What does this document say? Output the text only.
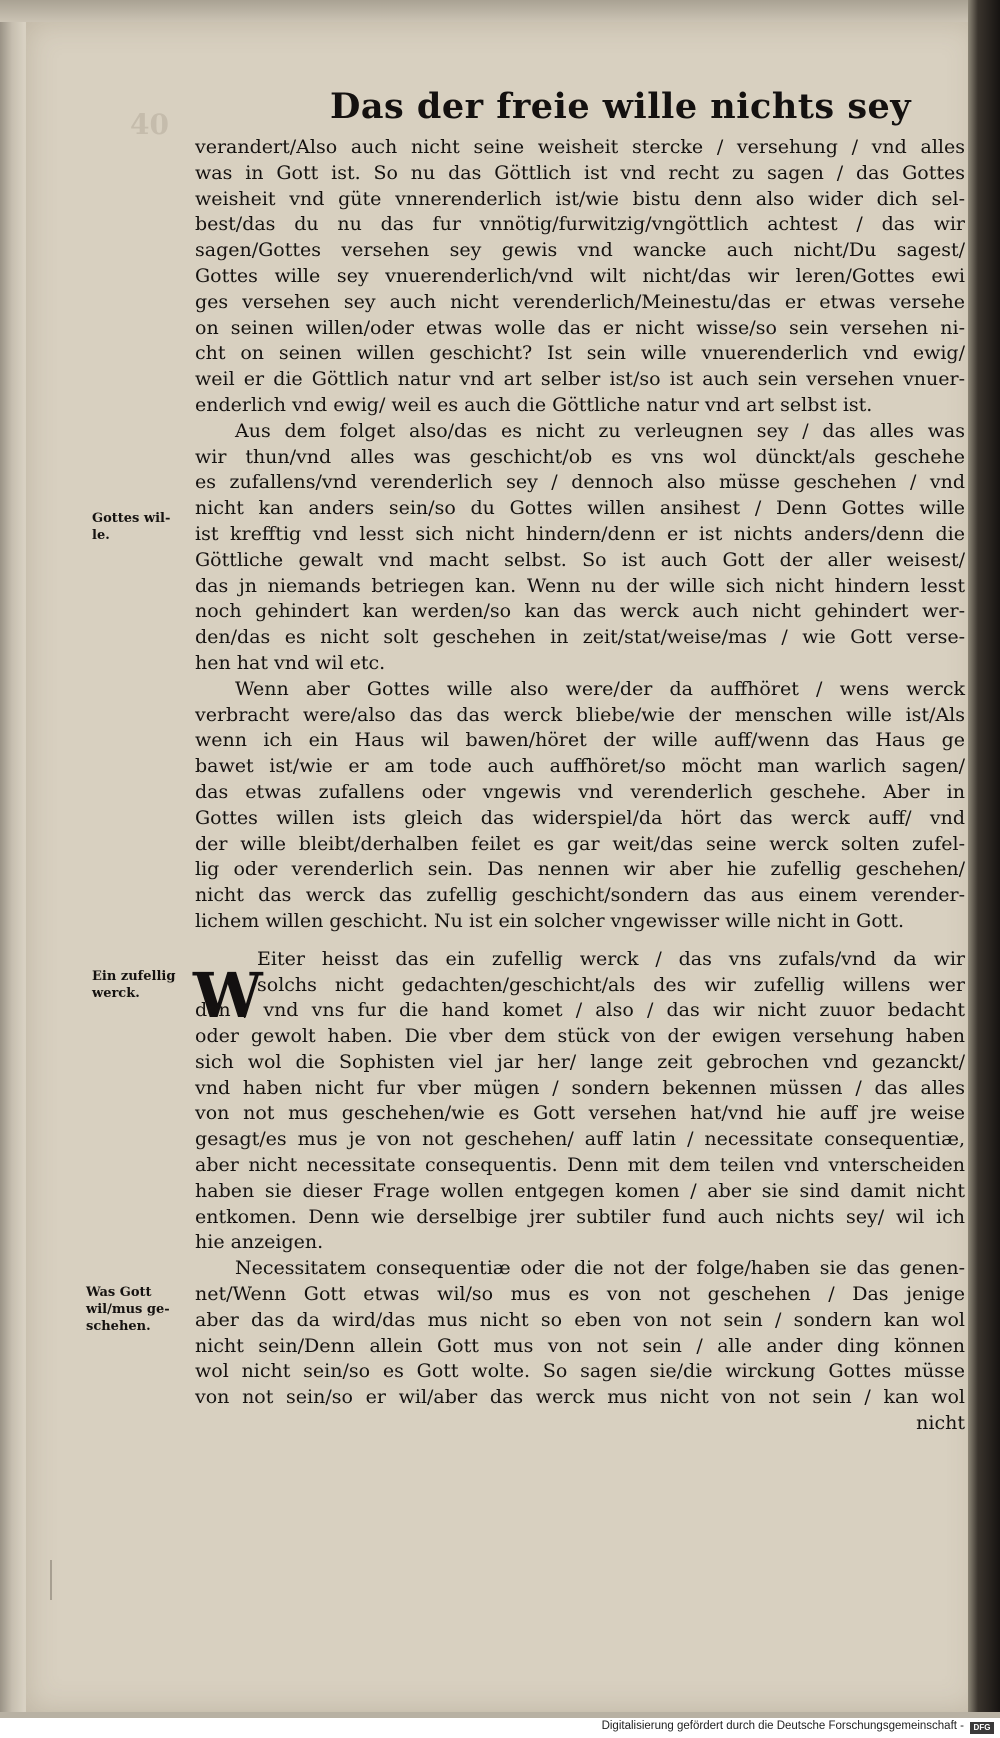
40	Das der freie wille nichts sey
Gottes wil-le.
Ein zufellig werck.
Was Gott wil/mus ge-schehen.
W
verandert/Also auch nicht seine weisheit stercke / versehung / vnd alles
was in Gott ist. So nu das Göttlich ist vnd recht zu sagen / das Gottes
weisheit vnd güte vnnerenderlich ist/wie bistu denn also wider dich sel-
best/das du nu das fur vnnötig/furwitzig/vngöttlich achtest / das wir
sagen/Gottes versehen sey gewis vnd wancke auch nicht/Du sagest/
Gottes wille sey vnuerenderlich/vnd wilt nicht/das wir leren/Gottes ewi
ges versehen sey auch nicht verenderlich/Meinestu/das er etwas versehe
on seinen willen/oder etwas wolle das er nicht wisse/so sein versehen ni-
cht on seinen willen geschicht? Ist sein wille vnuerenderlich vnd ewig/
weil er die Göttlich natur vnd art selber ist/so ist auch sein versehen vnuer-
enderlich vnd ewig/ weil es auch die Göttliche natur vnd art selbst ist.
Aus dem folget also/das es nicht zu verleugnen sey / das alles was
wir thun/vnd alles was geschicht/ob es vns wol dünckt/als geschehe
es zufallens/vnd verenderlich sey / dennoch also müsse geschehen / vnd
nicht kan anders sein/so du Gottes willen ansihest / Denn Gottes wille
ist krefftig vnd lesst sich nicht hindern/denn er ist nichts anders/denn die
Göttliche gewalt vnd macht selbst. So ist auch Gott der aller weisest/
das jn niemands betriegen kan. Wenn nu der wille sich nicht hindern lesst
noch gehindert kan werden/so kan das werck auch nicht gehindert wer-
den/das es nicht solt geschehen in zeit/stat/weise/mas / wie Gott verse-
hen hat vnd wil etc.
Wenn aber Gottes wille also were/der da auffhöret / wens werck
verbracht were/also das das werck bliebe/wie der menschen wille ist/Als
wenn ich ein Haus wil bawen/höret der wille auff/wenn das Haus ge
bawet ist/wie er am tode auch auffhöret/so möcht man warlich sagen/
das etwas zufallens oder vngewis vnd verenderlich geschehe. Aber in
Gottes willen ists gleich das widerspiel/da hört das werck auff/ vnd
der wille bleibt/derhalben feilet es gar weit/das seine werck solten zufel-
lig oder verenderlich sein. Das nennen wir aber hie zufellig geschehen/
nicht das werck das zufellig geschicht/sondern das aus einem verender-
lichem willen geschicht. Nu ist ein solcher vngewisser wille nicht in Gott.
Eiter heisst das ein zufellig werck / das vns zufals/vnd da wir
solchs nicht gedachten/geschicht/als des wir zufellig willens wer
den / vnd vns fur die hand komet / also / das wir nicht zuuor bedacht
oder gewolt haben. Die vber dem stück von der ewigen versehung haben
sich wol die Sophisten viel jar her/ lange zeit gebrochen vnd gezanckt/
vnd haben nicht fur vber mügen / sondern bekennen müssen / das alles
von not mus geschehen/wie es Gott versehen hat/vnd hie auff jre weise
gesagt/es mus je von not geschehen/ auff latin / necessitate consequentiæ,
aber nicht necessitate consequentis. Denn mit dem teilen vnd vnterscheiden
haben sie dieser Frage wollen entgegen komen / aber sie sind damit nicht
entkomen. Denn wie derselbige jrer subtiler fund auch nichts sey/ wil ich
hie anzeigen.
Necessitatem consequentiæ oder die not der folge/haben sie das genen-
net/Wenn Gott etwas wil/so mus es von not geschehen / Das jenige
aber das da wird/das mus nicht so eben von not sein / sondern kan wol
nicht sein/Denn allein Gott mus von not sein / alle ander ding können
wol nicht sein/so es Gott wolte. So sagen sie/die wirckung Gottes müsse
von not sein/so er wil/aber das werck mus nicht von not sein / kan wol
nicht
Digitalisierung gefördert durch die Deutsche Forschungsgemeinschaft -	DFG
